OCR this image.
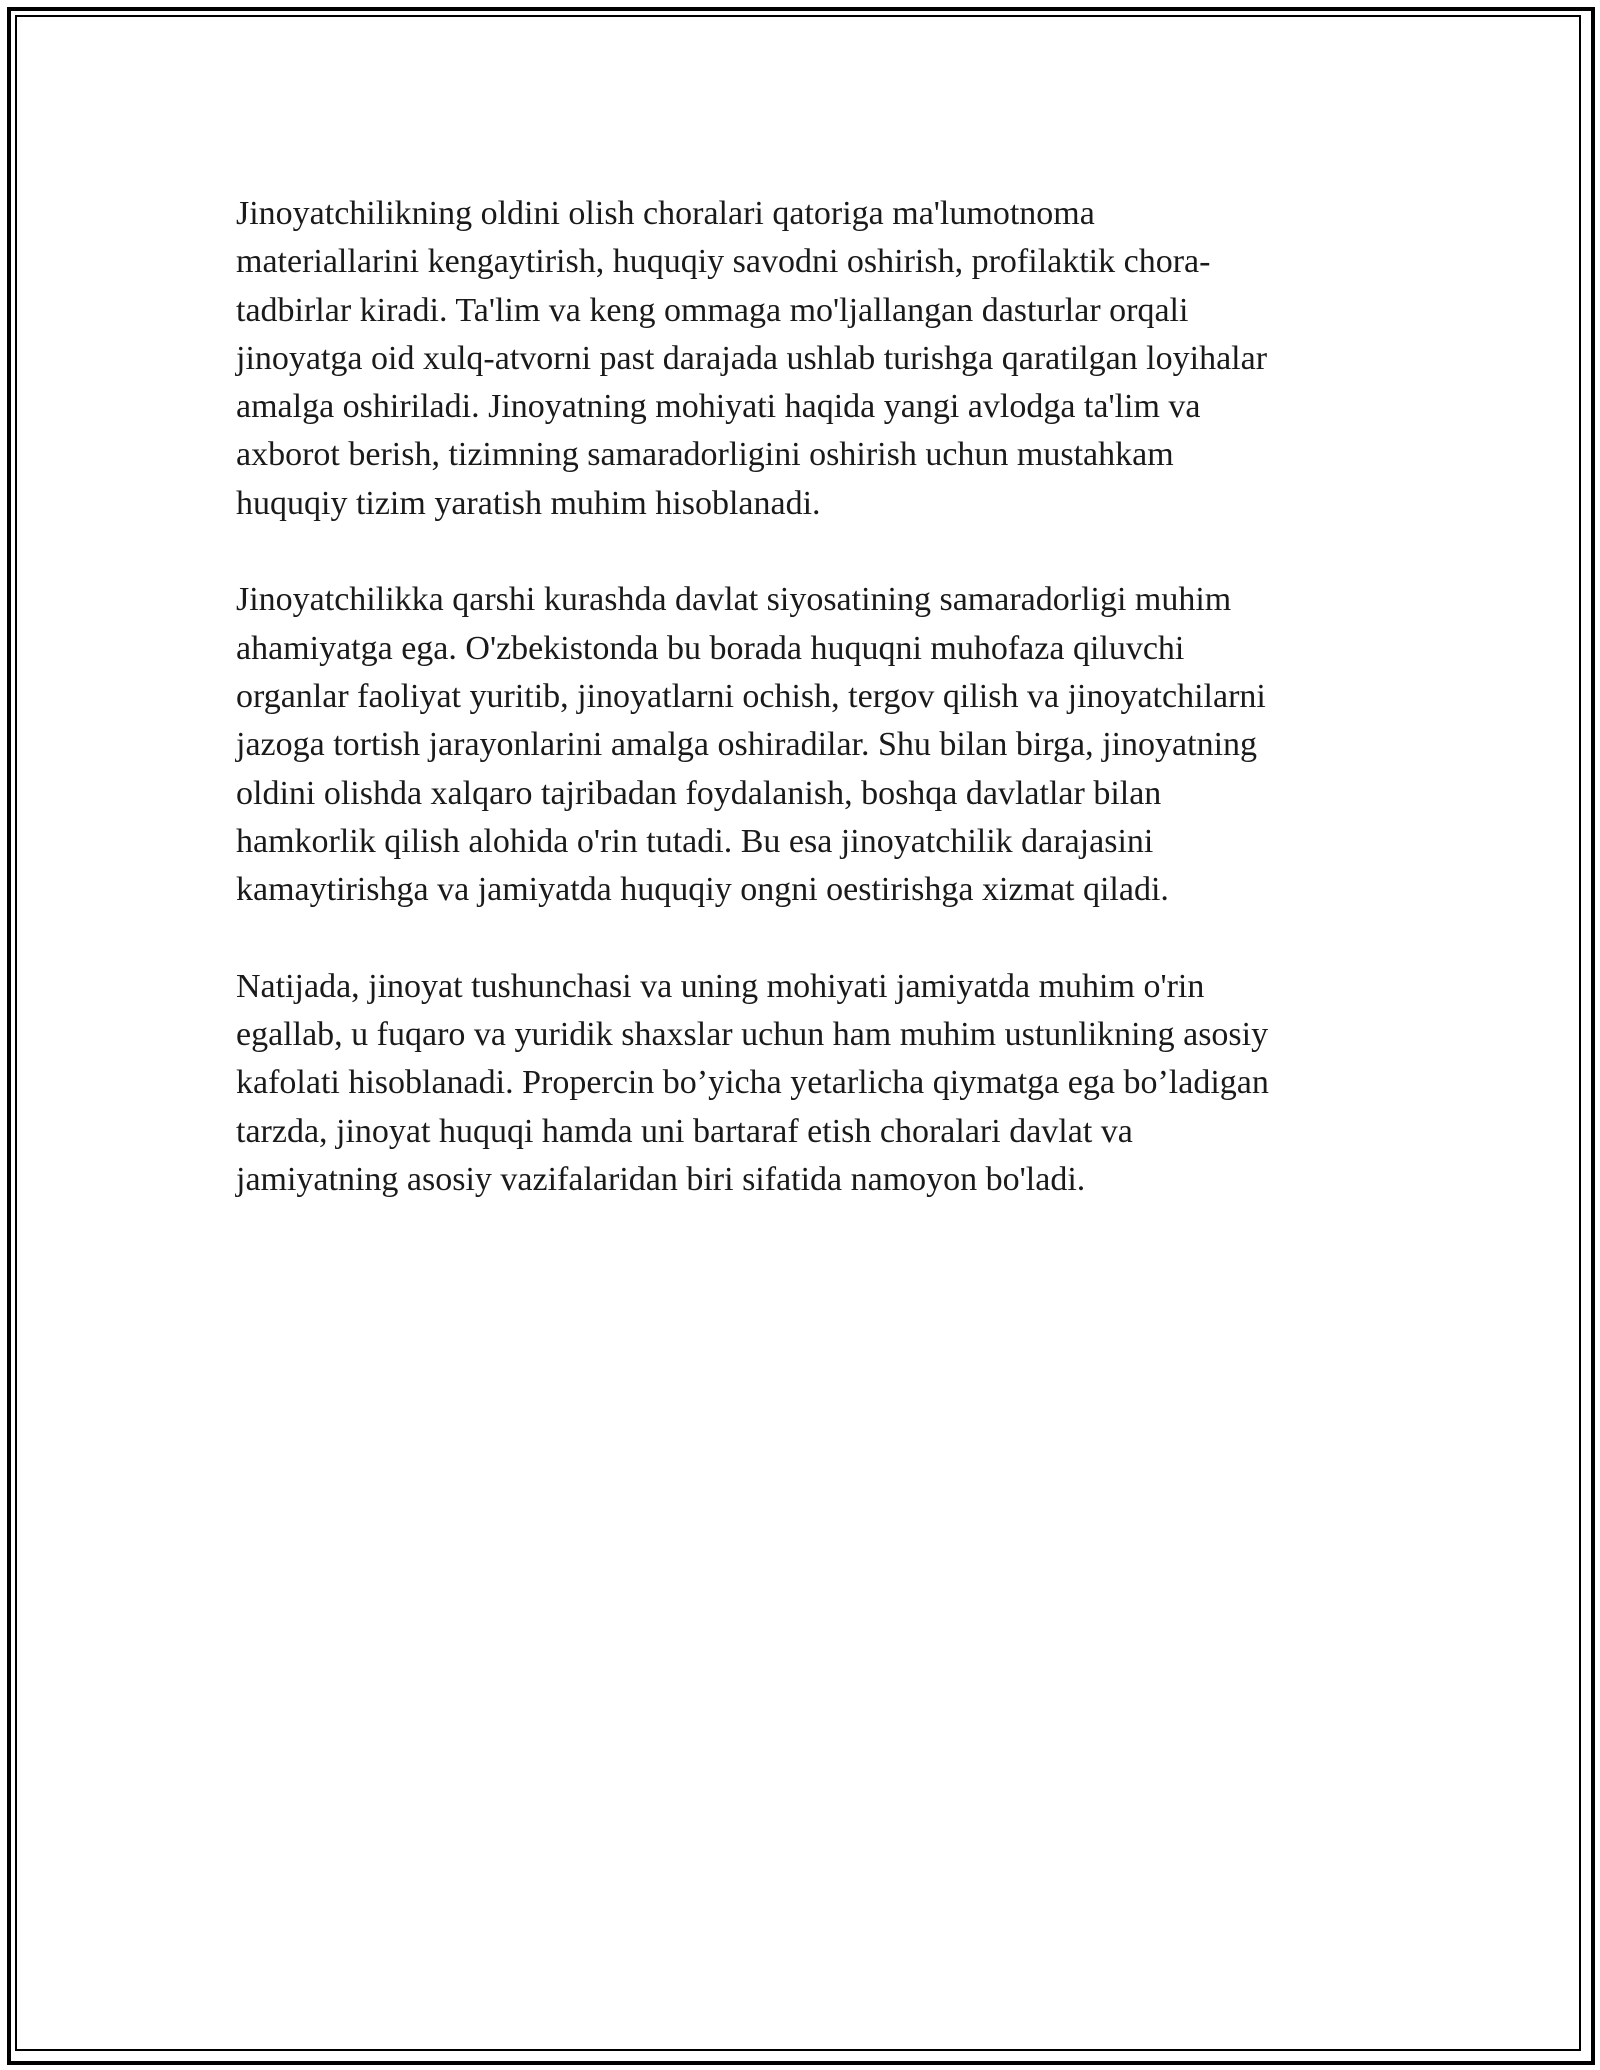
Jinoyatchilikning oldini olish choralari qatoriga ma'lumotnoma
materiallarini kengaytirish, huquqiy savodni oshirish, profilaktik chora-
tadbirlar kiradi. Ta'lim va keng ommaga mo'ljallangan dasturlar orqali
jinoyatga oid xulq-atvorni past darajada ushlab turishga qaratilgan loyihalar
amalga oshiriladi. Jinoyatning mohiyati haqida yangi avlodga ta'lim va
axborot berish, tizimning samaradorligini oshirish uchun mustahkam
huquqiy tizim yaratish muhim hisoblanadi.

Jinoyatchilikka qarshi kurashda davlat siyosatining samaradorligi muhim
ahamiyatga ega. O'zbekistonda bu borada huquqni muhofaza qiluvchi
organlar faoliyat yuritib, jinoyatlarni ochish, tergov qilish va jinoyatchilarni
jazoga tortish jarayonlarini amalga oshiradilar. Shu bilan birga, jinoyatning
oldini olishda xalqaro tajribadan foydalanish, boshqa davlatlar bilan
hamkorlik qilish alohida o'rin tutadi. Bu esa jinoyatchilik darajasini
kamaytirishga va jamiyatda huquqiy ongni oestirishga xizmat qiladi.

Natijada, jinoyat tushunchasi va uning mohiyati jamiyatda muhim o'rin
egallab, u fuqaro va yuridik shaxslar uchun ham muhim ustunlikning asosiy
kafolati hisoblanadi. Propercin bo’yicha yetarlicha qiymatga ega bo’ladigan
tarzda, jinoyat huquqi hamda uni bartaraf etish choralari davlat va
jamiyatning asosiy vazifalaridan biri sifatida namoyon bo'ladi.
